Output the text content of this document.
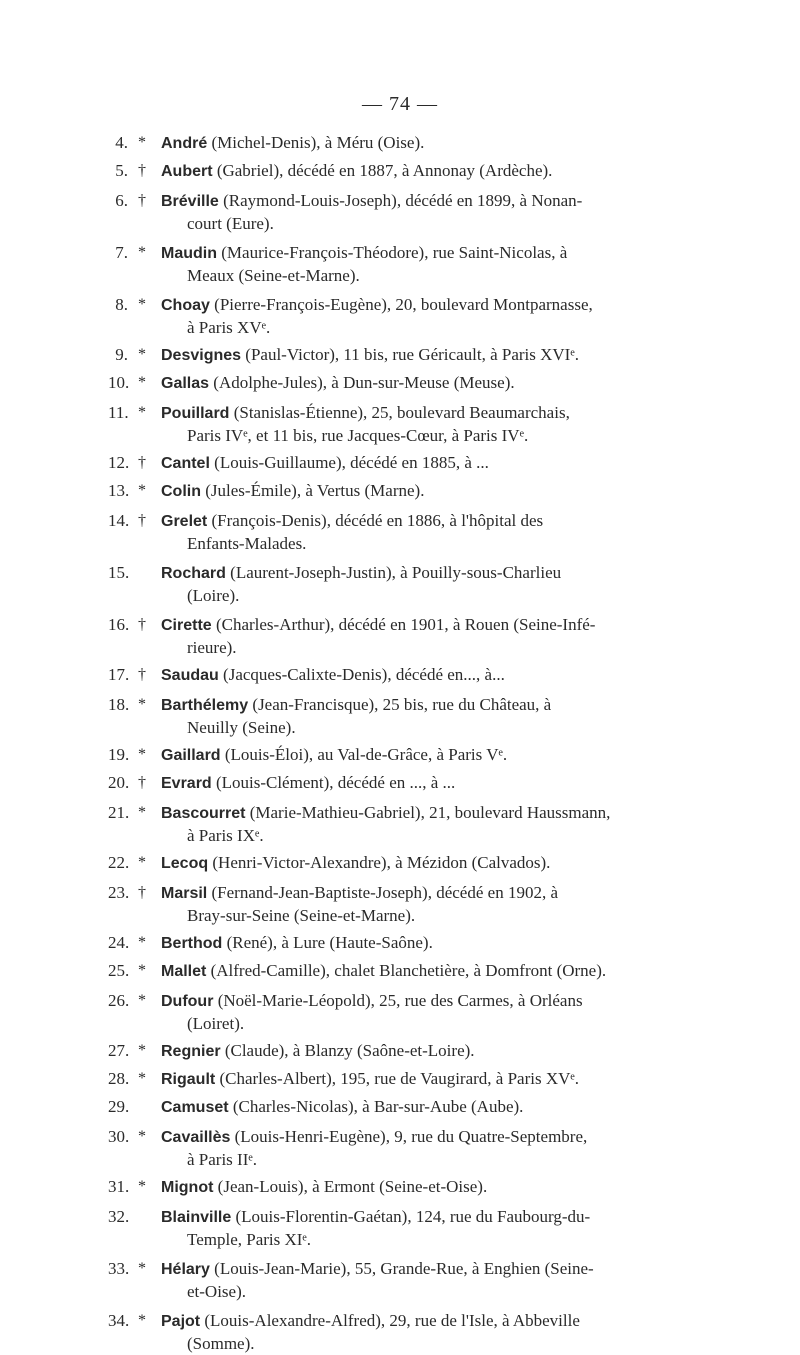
— 74 —
4. * André (Michel-Denis), à Méru (Oise).
5. † Aubert (Gabriel), décédé en 1887, à Annonay (Ardèche).
6. † Bréville (Raymond-Louis-Joseph), décédé en 1899, à Nonan-
court (Eure).
7. * Maudin (Maurice-François-Théodore), rue Saint-Nicolas, à
Meaux (Seine-et-Marne).
8. * Choay (Pierre-François-Eugène), 20, boulevard Montparnasse,
à Paris XVᵉ.
9. * Desvignes (Paul-Victor), 11 bis, rue Géricault, à Paris XVIᵉ.
10. * Gallas (Adolphe-Jules), à Dun-sur-Meuse (Meuse).
11. * Pouillard (Stanislas-Étienne), 25, boulevard Beaumarchais,
Paris IVᵉ, et 11 bis, rue Jacques-Cœur, à Paris IVᵉ.
12. † Cantel (Louis-Guillaume), décédé en 1885, à ...
13. * Colin (Jules-Émile), à Vertus (Marne).
14. † Grelet (François-Denis), décédé en 1886, à l'hôpital des
Enfants-Malades.
15. Rochard (Laurent-Joseph-Justin), à Pouilly-sous-Charlieu
(Loire).
16. † Cirette (Charles-Arthur), décédé en 1901, à Rouen (Seine-Infé-
rieure).
17. † Saudau (Jacques-Calixte-Denis), décédé en..., à...
18. * Barthélemy (Jean-Francisque), 25 bis, rue du Château, à
Neuilly (Seine).
19. * Gaillard (Louis-Éloi), au Val-de-Grâce, à Paris Vᵉ.
20. † Evrard (Louis-Clément), décédé en ..., à ...
21. * Bascourret (Marie-Mathieu-Gabriel), 21, boulevard Haussmann,
à Paris IXᵉ.
22. * Lecoq (Henri-Victor-Alexandre), à Mézidon (Calvados).
23. † Marsil (Fernand-Jean-Baptiste-Joseph), décédé en 1902, à
Bray-sur-Seine (Seine-et-Marne).
24. * Berthod (René), à Lure (Haute-Saône).
25. * Mallet (Alfred-Camille), chalet Blanchetière, à Domfront (Orne).
26. * Dufour (Noël-Marie-Léopold), 25, rue des Carmes, à Orléans
(Loiret).
27. * Regnier (Claude), à Blanzy (Saône-et-Loire).
28. * Rigault (Charles-Albert), 195, rue de Vaugirard, à Paris XVᵉ.
29. Camuset (Charles-Nicolas), à Bar-sur-Aube (Aube).
30. * Cavaillès (Louis-Henri-Eugène), 9, rue du Quatre-Septembre,
à Paris IIᵉ.
31. * Mignot (Jean-Louis), à Ermont (Seine-et-Oise).
32. Blainville (Louis-Florentin-Gaétan), 124, rue du Faubourg-du-
Temple, Paris XIᵉ.
33. * Hélary (Louis-Jean-Marie), 55, Grande-Rue, à Enghien (Seine-
et-Oise).
34. * Pajot (Louis-Alexandre-Alfred), 29, rue de l'Isle, à Abbeville
(Somme).
